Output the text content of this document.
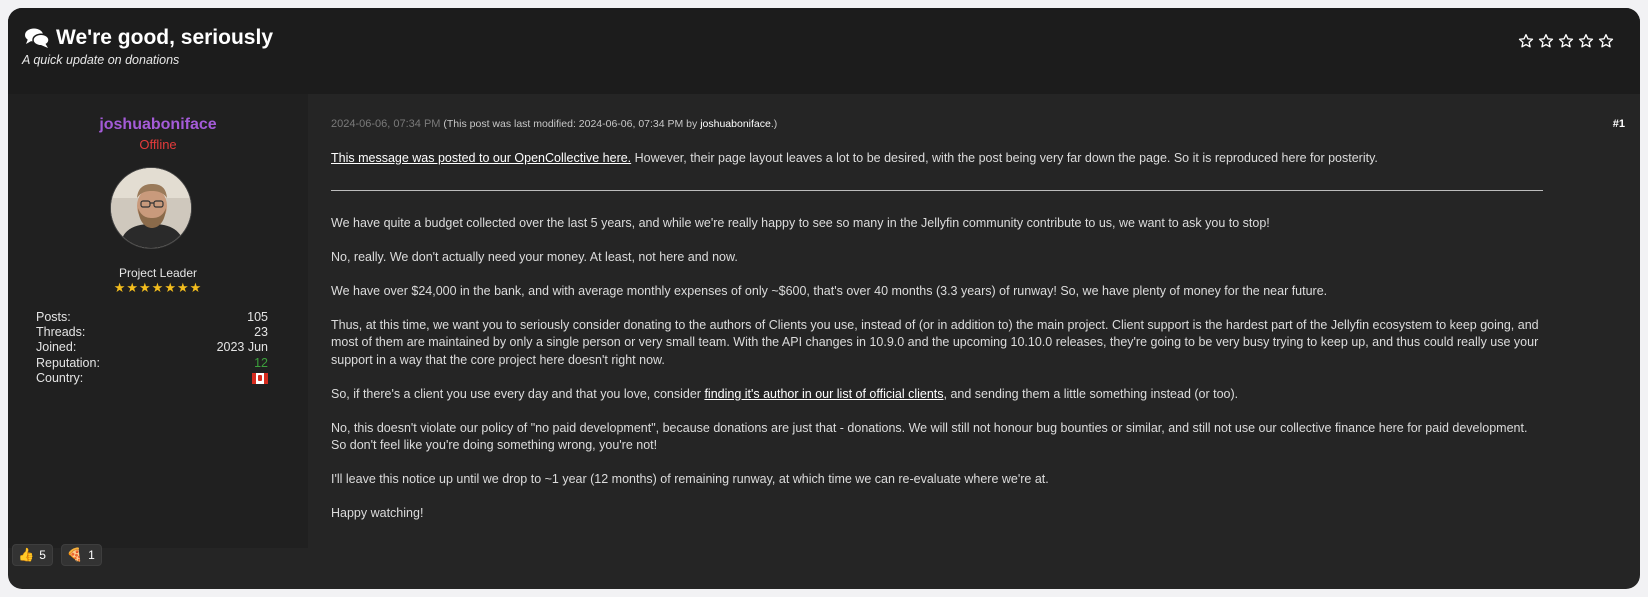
We're good, seriously
A quick update on donations
joshuaboniface
Offline
Project Leader
★★★★★★★
Posts:	105
Threads:	23
Joined:	2023 Jun
Reputation:	12
Country:
2024-06-06, 07:34 PM (This post was last modified: 2024-06-06, 07:34 PM by joshuaboniface.)	#1
This message was posted to our OpenCollective here. However, their page layout leaves a lot to be desired, with the post being very far down the page. So it is reproduced here for posterity.
We have quite a budget collected over the last 5 years, and while we're really happy to see so many in the Jellyfin community contribute to us, we want to ask you to stop!
No, really. We don't actually need your money. At least, not here and now.
We have over $24,000 in the bank, and with average monthly expenses of only ~$600, that's over 40 months (3.3 years) of runway! So, we have plenty of money for the near future.
Thus, at this time, we want you to seriously consider donating to the authors of Clients you use, instead of (or in addition to) the main project. Client support is the hardest part of the Jellyfin ecosystem to keep going, and most of them are maintained by only a single person or very small team. With the API changes in 10.9.0 and the upcoming 10.10.0 releases, they're going to be very busy trying to keep up, and thus could really use your support in a way that the core project here doesn't right now.
So, if there's a client you use every day and that you love, consider finding it's author in our list of official clients, and sending them a little something instead (or too).
No, this doesn't violate our policy of "no paid development", because donations are just that - donations. We will still not honour bug bounties or similar, and still not use our collective finance here for paid development. So don't feel like you're doing something wrong, you're not!
I'll leave this notice up until we drop to ~1 year (12 months) of remaining runway, at which time we can re-evaluate where we're at.
Happy watching!
👍 5 🍕 1
